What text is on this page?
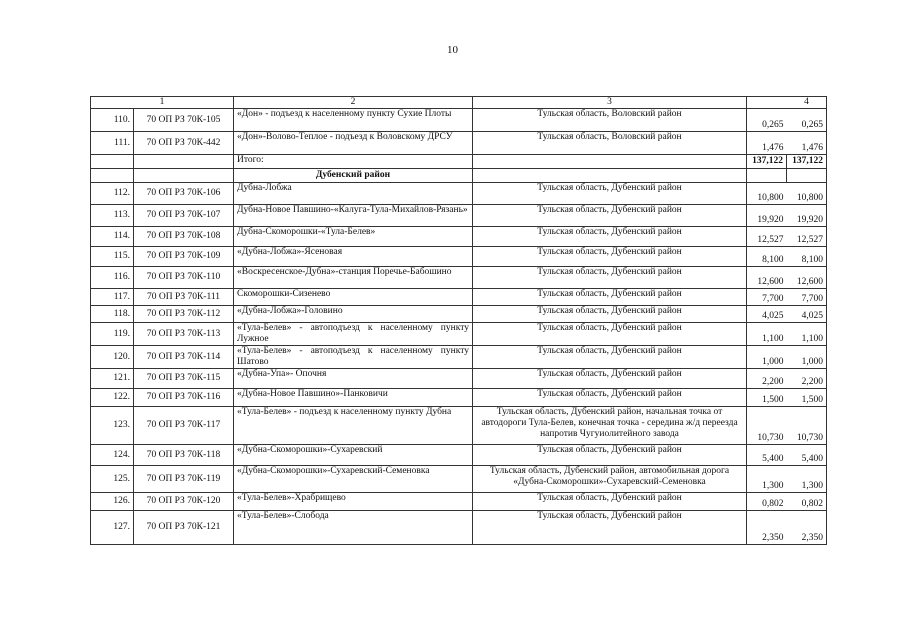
10
1		2	3		4
110.	70 ОП РЗ 70К-105	«Дон» - подъезд к населенному пункту Сухие Плоты	Тульская область, Воловский район	0,265	0,265
111.	70 ОП РЗ 70К-442	«Дон»-Волово-Теплое - подъезд к Воловскому ДРСУ	Тульская область, Воловский район	1,476	1,476
		Итого:		137,122	137,122
		Дубенский район			
112.	70 ОП РЗ 70К-106	Дубна-Лобжа	Тульская область, Дубенский район	10,800	10,800
113.	70 ОП РЗ 70К-107	Дубна-Новое Павшино-«Калуга-Тула-Михайлов-Рязань»	Тульская область, Дубенский район	19,920	19,920
114.	70 ОП РЗ 70К-108	Дубна-Скоморошки-«Тула-Белев»	Тульская область, Дубенский район	12,527	12,527
115.	70 ОП РЗ 70К-109	«Дубна-Лобжа»-Ясеновая	Тульская область, Дубенский район	8,100	8,100
116.	70 ОП РЗ 70К-110	«Воскресенское-Дубна»-станция Поречье-Бабошино	Тульская область, Дубенский район	12,600	12,600
117.	70 ОП РЗ 70К-111	Скоморошки-Сизенево	Тульская область, Дубенский район	7,700	7,700
118.	70 ОП РЗ 70К-112	«Дубна-Лобжа»-Головино	Тульская область, Дубенский район	4,025	4,025
119.	70 ОП РЗ 70К-113	«Тула-Белев» - автоподъезд к населенному пункту Лужное	Тульская область, Дубенский район	1,100	1,100
120.	70 ОП РЗ 70К-114	«Тула-Белев» - автоподъезд к населенному пункту Шатово	Тульская область, Дубенский район	1,000	1,000
121.	70 ОП РЗ 70К-115	«Дубна-Упа»- Опочня	Тульская область, Дубенский район	2,200	2,200
122.	70 ОП РЗ 70К-116	«Дубна-Новое Павшино»-Панковичи	Тульская область, Дубенский район	1,500	1,500
123.	70 ОП РЗ 70К-117	«Тула-Белев» - подъезд к населенному пункту Дубна	Тульская область, Дубенский район, начальная точка от автодороги Тула-Белев, конечная точка - середина ж/д переезда напротив Чугуиолитейного завода	10,730	10,730
124.	70 ОП РЗ 70К-118	«Дубна-Скоморошки»-Сухаревский	Тульская область, Дубенский район	5,400	5,400
125.	70 ОП РЗ 70К-119	«Дубна-Скоморошки»-Сухаревский-Семеновка	Тульская область, Дубенский район, автомобильная дорога «Дубна-Скоморошки»-Сухаревский-Семеновка	1,300	1,300
126.	70 ОП РЗ 70К-120	«Тула-Белев»-Храбрищево	Тульская область, Дубенский район	0,802	0,802
127.	70 ОП РЗ 70К-121	«Тула-Белев»-Слобода	Тульская область, Дубенский район	2,350	2,350
